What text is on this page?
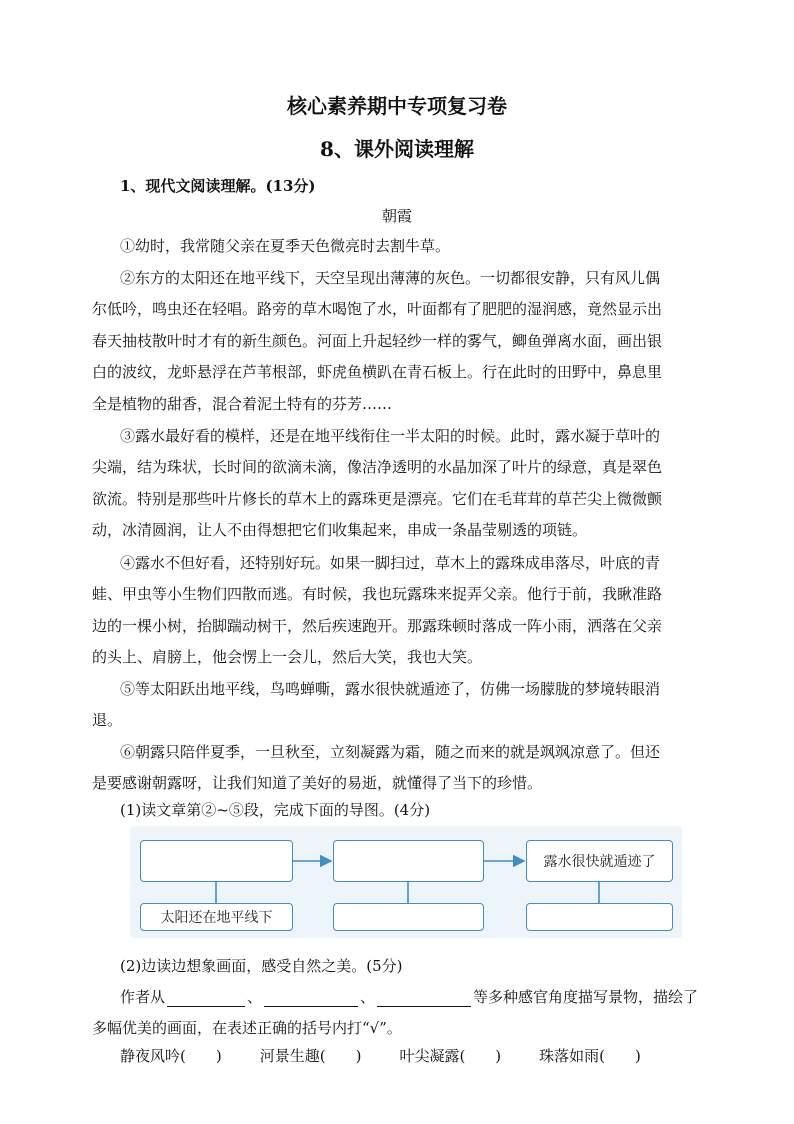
核心素养期中专项复习卷
8、课外阅读理解
1、现代文阅读理解。(13分)
朝霞
①幼时，我常随父亲在夏季天色微亮时去割牛草。
②东方的太阳还在地平线下，天空呈现出薄薄的灰色。一切都很安静，只有风儿偶
尔低吟，鸣虫还在轻唱。路旁的草木喝饱了水，叶面都有了肥肥的湿润感，竟然显示出
春天抽枝散叶时才有的新生颜色。河面上升起轻纱一样的雾气，鲫鱼弹离水面，画出银
白的波纹，龙虾悬浮在芦苇根部，虾虎鱼横趴在青石板上。行在此时的田野中，鼻息里
全是植物的甜香，混合着泥土特有的芬芳……
③露水最好看的模样，还是在地平线衔住一半太阳的时候。此时，露水凝于草叶的
尖端，结为珠状，长时间的欲滴未滴，像洁净透明的水晶加深了叶片的绿意，真是翠色
欲流。特别是那些叶片修长的草木上的露珠更是漂亮。它们在毛茸茸的草芒尖上微微颤
动，冰清圆润，让人不由得想把它们收集起来，串成一条晶莹剔透的项链。
④露水不但好看，还特别好玩。如果一脚扫过，草木上的露珠成串落尽，叶底的青
蛙、甲虫等小生物们四散而逃。有时候，我也玩露珠来捉弄父亲。他行于前，我瞅准路
边的一棵小树，抬脚踹动树干，然后疾速跑开。那露珠顿时落成一阵小雨，洒落在父亲
的头上、肩膀上，他会愣上一会儿，然后大笑，我也大笑。
⑤等太阳跃出地平线，鸟鸣蝉嘶，露水很快就遁迹了，仿佛一场朦胧的梦境转眼消
退。
⑥朝露只陪伴夏季，一旦秋至，立刻凝露为霜，随之而来的就是飒飒凉意了。但还
是要感谢朝露呀，让我们知道了美好的易逝，就懂得了当下的珍惜。
(1)读文章第②~⑤段，完成下面的导图。(4分)
露水很快就遁迹了
太阳还在地平线下
(2)边读边想象画面，感受自然之美。(5分)
作者从	、	、	等多种感官角度描写景物，描绘了
多幅优美的画面，在表述正确的括号内打“√”。
静夜风吟(　　)	河景生趣(　　)	叶尖凝露(　　)	珠落如雨(　　)
